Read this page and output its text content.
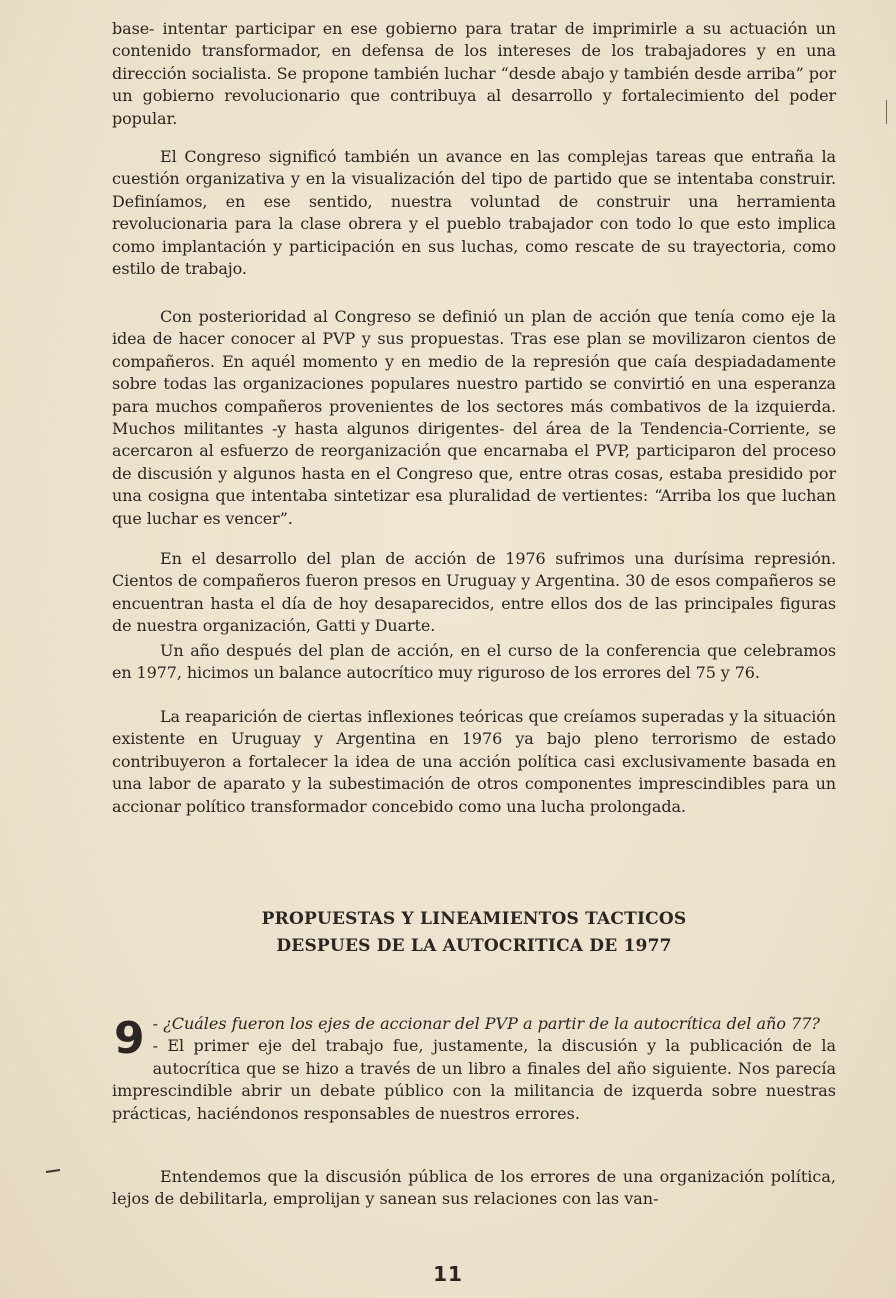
base- intentar participar en ese gobierno para tratar de imprimirle a su actuación un contenido transformador, en defensa de los intereses de los trabajadores y en una dirección socialista. Se propone también luchar “desde abajo y también desde arriba” por un gobierno revolucionario que contribuya al desarrollo y fortalecimiento del poder popular.

El Congreso significó también un avance en las complejas tareas que entraña la cuestión organizativa y en la visualización del tipo de partido que se intentaba construir. Definíamos, en ese sentido, nuestra voluntad de construir una herramienta revolucionaria para la clase obrera y el pueblo trabajador con todo lo que esto implica como implantación y participación en sus luchas, como rescate de su trayectoria, como estilo de trabajo.

Con posterioridad al Congreso se definió un plan de acción que tenía como eje la idea de hacer conocer al PVP y sus propuestas. Tras ese plan se movilizaron cientos de compañeros. En aquél momento y en medio de la represión que caía despiadadamente sobre todas las organizaciones populares nuestro partido se convirtió en una esperanza para muchos compañeros provenientes de los sectores más combativos de la izquierda. Muchos militantes -y hasta algunos dirigentes- del área de la Tendencia-Corriente, se acercaron al esfuerzo de reorganización que encarnaba el PVP, participaron del proceso de discusión y algunos hasta en el Congreso que, entre otras cosas, estaba presidido por una cosigna que intentaba sintetizar esa pluralidad de vertientes: “Arriba los que luchan que luchar es vencer”.

En el desarrollo del plan de acción de 1976 sufrimos una durísima represión. Cientos de compañeros fueron presos en Uruguay y Argentina. 30 de esos compañeros se encuentran hasta el día de hoy desaparecidos, entre ellos dos de las principales figuras de nuestra organización, Gatti y Duarte.

Un año después del plan de acción, en el curso de la conferencia que celebramos en 1977, hicimos un balance autocrítico muy riguroso de los errores del 75 y 76.

La reaparición de ciertas inflexiones teóricas que creíamos superadas y la situación existente en Uruguay y Argentina en 1976 ya bajo pleno terrorismo de estado contribuyeron a fortalecer la idea de una acción política casi exclusivamente basada en una labor de aparato y la subestimación de otros componentes imprescindibles para un accionar político transformador concebido como una lucha prolongada.

PROPUESTAS Y LINEAMIENTOS TACTICOS
DESPUES DE LA AUTOCRITICA DE 1977
9 - ¿Cuáles fueron los ejes de accionar del PVP a partir de la autocrítica del año 77?

- El primer eje del trabajo fue, justamente, la discusión y la publicación de la autocrítica que se hizo a través de un libro a finales del año siguiente. Nos parecía imprescindible abrir un debate público con la militancia de izquerda sobre nuestras prácticas, haciéndonos responsables de nuestros errores.

Entendemos que la discusión pública de los errores de una organización política, lejos de debilitarla, emprolijan y sanean sus relaciones con las van-

11
